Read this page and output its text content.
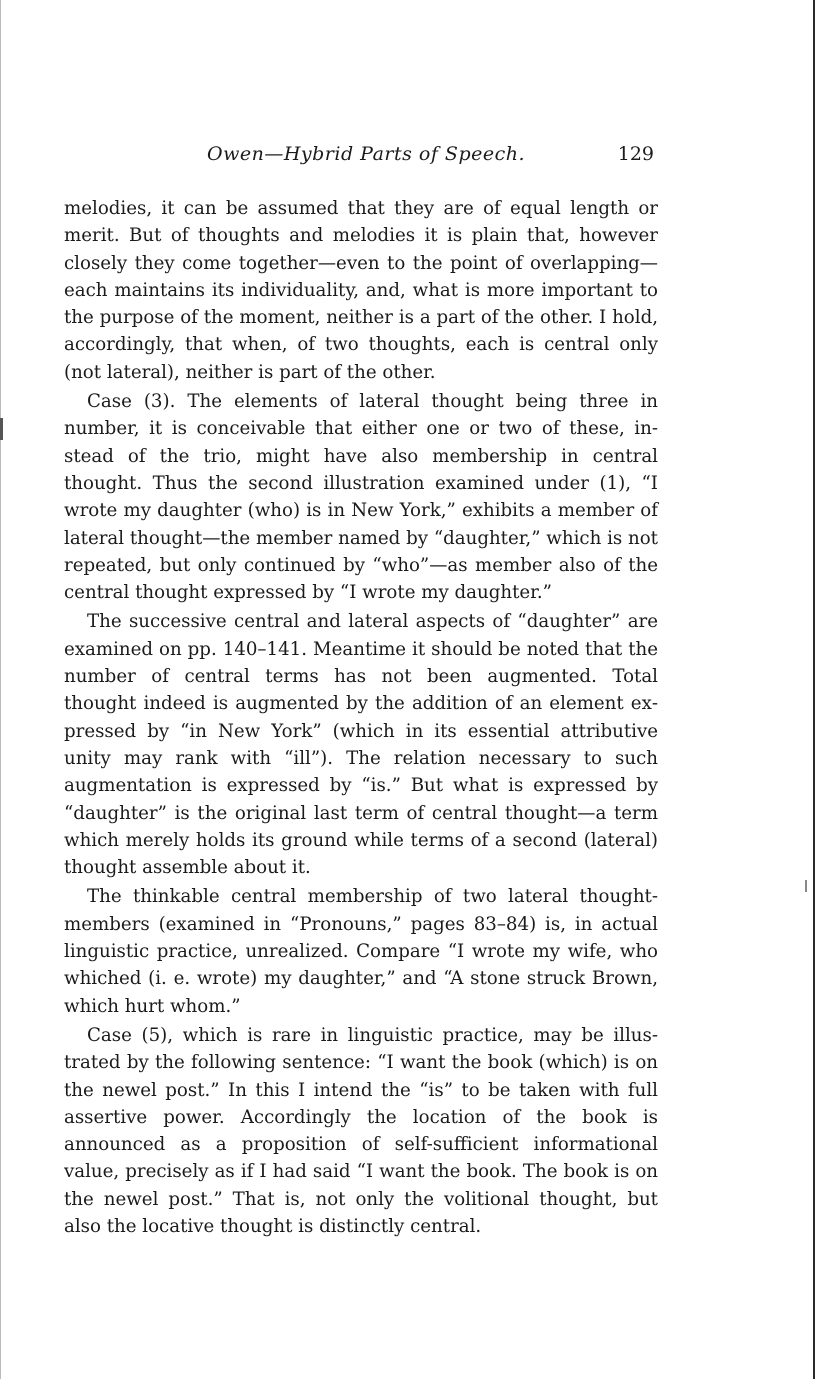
Owen—Hybrid Parts of Speech.	129

melodies, it can be assumed that they are of equal length or merit. But of thoughts and melodies it is plain that, however closely they come together—even to the point of overlapping—each maintains its individuality, and, what is more important to the purpose of the moment, neither is a part of the other. I hold, accordingly, that when, of two thoughts, each is central only (not lateral), neither is part of the other.

Case (3). The elements of lateral thought being three in number, it is conceivable that either one or two of these, instead of the trio, might have also membership in central thought. Thus the second illustration examined under (1), “I wrote my daughter (who) is in New York,” exhibits a member of lateral thought—the member named by “daughter,” which is not repeated, but only continued by “who”—as member also of the central thought expressed by “I wrote my daughter.”

The successive central and lateral aspects of “daughter” are examined on pp. 140–141. Meantime it should be noted that the number of central terms has not been augmented. Total thought indeed is augmented by the addition of an element expressed by “in New York” (which in its essential attributive unity may rank with “ill”). The relation necessary to such augmentation is expressed by “is.” But what is expressed by “daughter” is the original last term of central thought—a term which merely holds its ground while terms of a second (lateral) thought assemble about it.

The thinkable central membership of two lateral thought-members (examined in “Pronouns,” pages 83–84) is, in actual linguistic practice, unrealized. Compare “I wrote my wife, who whiched (i. e. wrote) my daughter,” and “A stone struck Brown, which hurt whom.”

Case (5), which is rare in linguistic practice, may be illustrated by the following sentence: “I want the book (which) is on the newel post.” In this I intend the “is” to be taken with full assertive power. Accordingly the location of the book is announced as a proposition of self-sufficient informational value, precisely as if I had said “I want the book. The book is on the newel post.” That is, not only the volitional thought, but also the locative thought is distinctly central.
